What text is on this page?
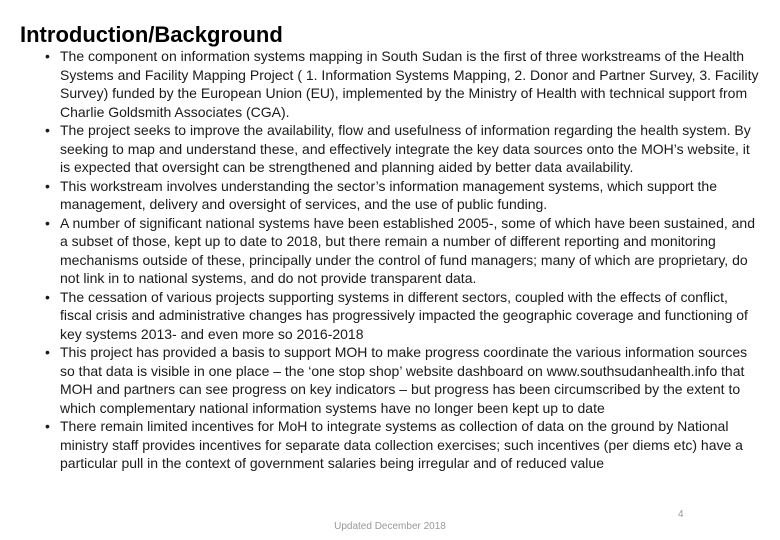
Introduction/Background
• The component on information systems mapping in South Sudan is the first of three workstreams of the Health Systems and Facility Mapping Project ( 1. Information Systems Mapping, 2. Donor and Partner Survey, 3. Facility Survey) funded by the European Union (EU), implemented by the Ministry of Health with technical support from Charlie Goldsmith Associates (CGA).
• The project seeks to improve the availability, flow and usefulness of information regarding the health system. By seeking to map and understand these, and effectively integrate the key data sources onto the MOH’s website, it is expected that oversight can be strengthened and planning aided by better data availability.
• This workstream involves understanding the sector’s information management systems, which support the management, delivery and oversight of services, and the use of public funding.
• A number of significant national systems have been established 2005-, some of which have been sustained, and a subset of those, kept up to date to 2018, but there remain a number of different reporting and monitoring mechanisms outside of these, principally under the control of fund managers; many of which are proprietary, do not link in to national systems, and do not provide transparent data.
• The cessation of various projects supporting systems in different sectors, coupled with the effects of conflict, fiscal crisis and administrative changes has progressively impacted the geographic coverage and functioning of key systems 2013- and even more so 2016-2018
• This project has provided a basis to support MOH to make progress coordinate the various information sources so that data is visible in one place – the ‘one stop shop’ website dashboard on www.southsudanhealth.info that MOH and partners can see progress on key indicators – but progress has been circumscribed by the extent to which complementary national information systems have no longer been kept up to date
• There remain limited incentives for MoH to integrate systems as collection of data on the ground by National ministry staff provides incentives for separate data collection exercises; such incentives (per diems etc) have a particular pull in the context of government salaries being irregular and of reduced value
Updated December 2018
4
